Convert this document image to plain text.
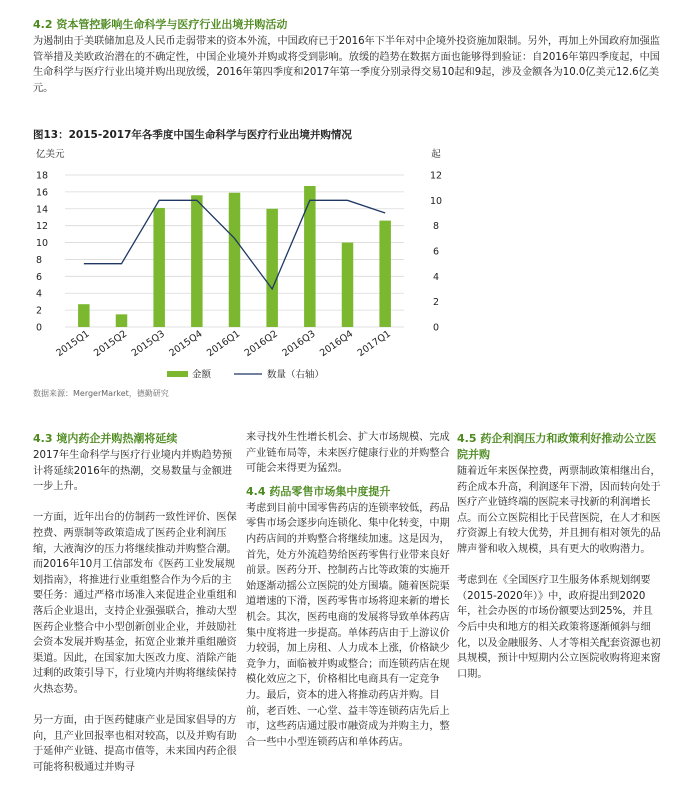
4.2 资本管控影响生命科学与医疗行业出境并购活动
为遏制由于美联储加息及人民币走弱带来的资本外流，中国政府已于2016年下半年对中企境外投资施加限制。另外，再加上外国政府加强监管举措及美欧政治潜在的不确定性，中国企业境外并购或将受到影响。放缓的趋势在数据方面也能够得到验证：自2016年第四季度起，中国生命科学与医疗行业出境并购出现放缓，2016年第四季度和2017年第一季度分别录得交易10起和9起，涉及金额各为10.0亿美元12.6亿美元。
图13：2015-2017年各季度中国生命科学与医疗行业出境并购情况
0
2
4
6
8
10
12
14
16
18
0
2
4
6
8
10
12
亿美元	起
2015Q1 2015Q2 2015Q3 2015Q4 2016Q1 2016Q2 2016Q3 2016Q4 2017Q1
金额	数量（右轴）
数据来源：MergerMarket，德勤研究
4.3 境内药企并购热潮将延续
2017年生命科学与医疗行业境内并购趋势预计将延续2016年的热潮，交易数量与金额进一步上升。
一方面，近年出台的仿制药一致性评价、医保控费、两票制等政策造成了医药企业利润压缩，大液淘汐的压力将继续推动并购整合潮。而2016年10月工信部发布《医药工业发展规划指南》，将推进行业重组整合作为今后的主要任务：通过严格市场准入来促进企业重组和落后企业退出，支持企业强强联合，推动大型医药企业整合中小型创新创业企业，并鼓励社会资本发展并购基金，拓宽企业兼并重组融资渠道。因此，在国家加大医改力度、消除产能过剩的政策引导下，行业境内并购将继续保持火热态势。
另一方面，由于医药健康产业是国家倡导的方向，且产业回报率也相对较高，以及并购有助于延伸产业链、提高市值等，未来国内药企很可能将积极通过并购寻
来寻找外生性增长机会、扩大市场规模、完成产业链布局等，未来医疗健康行业的并购整合可能会来得更为猛烈。
4.4 药品零售市场集中度提升
考虑到目前中国零售药店的连锁率较低，药品零售市场会逐步向连锁化、集中化转变，中期内药店间的并购整合将继续加速。这是因为，首先，处方外流趋势给医药零售行业带来良好前景。医药分开、控制药占比等政策的实施开始逐渐动摇公立医院的处方围墙。随着医院渠道增速的下滑，医药零售市场将迎来新的增长机会。其次，医药电商的发展将导致单体药店集中度将进一步提高。单体药店由于上游议价力较弱，加上房租、人力成本上涨，价格缺少竞争力，面临被并购或整合；而连锁药店在规模化效应之下，价格相比电商具有一定竞争力。最后，资本的进入将推动药店并购。目前，老百姓、一心堂、益丰等连锁药店先后上市，这些药店通过股市融资成为并购主力，整合一些中小型连锁药店和单体药店。
4.5 药企利润压力和政策利好推动公立医院并购
随着近年来医保控费，两票制政策相继出台，药企成本升高，利润逐年下滑，因而转向处于医疗产业链终端的医院来寻找新的利润增长点。而公立医院相比于民营医院，在人才和医疗资源上有较大优势，并且拥有相对领先的品牌声誉和收入规模，具有更大的收购潜力。
考虑到在《全国医疗卫生服务体系规划纲要（2015-2020年）》中，政府提出到2020年，社会办医的市场份额要达到25%，并且今后中央和地方的相关政策将逐渐倾斜与细化，以及金融服务、人才等相关配套资源也初具规模，预计中短期内公立医院收购将迎来窗口期。
